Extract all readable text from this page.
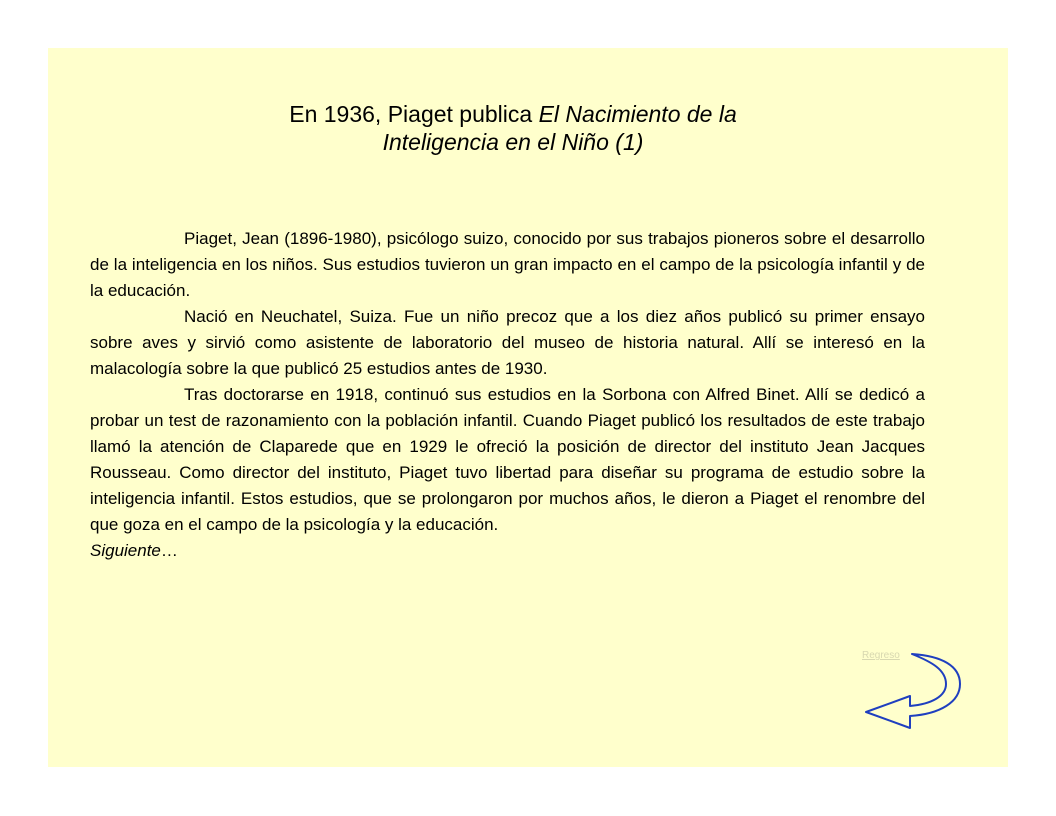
En 1936, Piaget publica El Nacimiento de la
Inteligencia en el Niño (1)

Piaget, Jean (1896-1980), psicólogo suizo, conocido por sus trabajos pioneros sobre el desarrollo de la inteligencia en los niños. Sus estudios tuvieron un gran impacto en el campo de la psicología infantil y de la educación.

Nació en Neuchatel, Suiza. Fue un niño precoz que a los diez años publicó su primer ensayo sobre aves y sirvió como asistente de laboratorio del museo de historia natural. Allí se interesó en la malacología sobre la que publicó 25 estudios antes de 1930.

Tras doctorarse en 1918, continuó sus estudios en la Sorbona con Alfred Binet. Allí se dedicó a probar un test de razonamiento con la población infantil. Cuando Piaget publicó los resultados de este trabajo llamó la atención de Claparede que en 1929 le ofreció la posición de director del instituto Jean Jacques Rousseau. Como director del instituto, Piaget tuvo libertad para diseñar su programa de estudio sobre la inteligencia infantil. Estos estudios, que se prolongaron por muchos años, le dieron a Piaget el renombre del que goza en el campo de la psicología y la educación.

Siguiente…
Regreso
